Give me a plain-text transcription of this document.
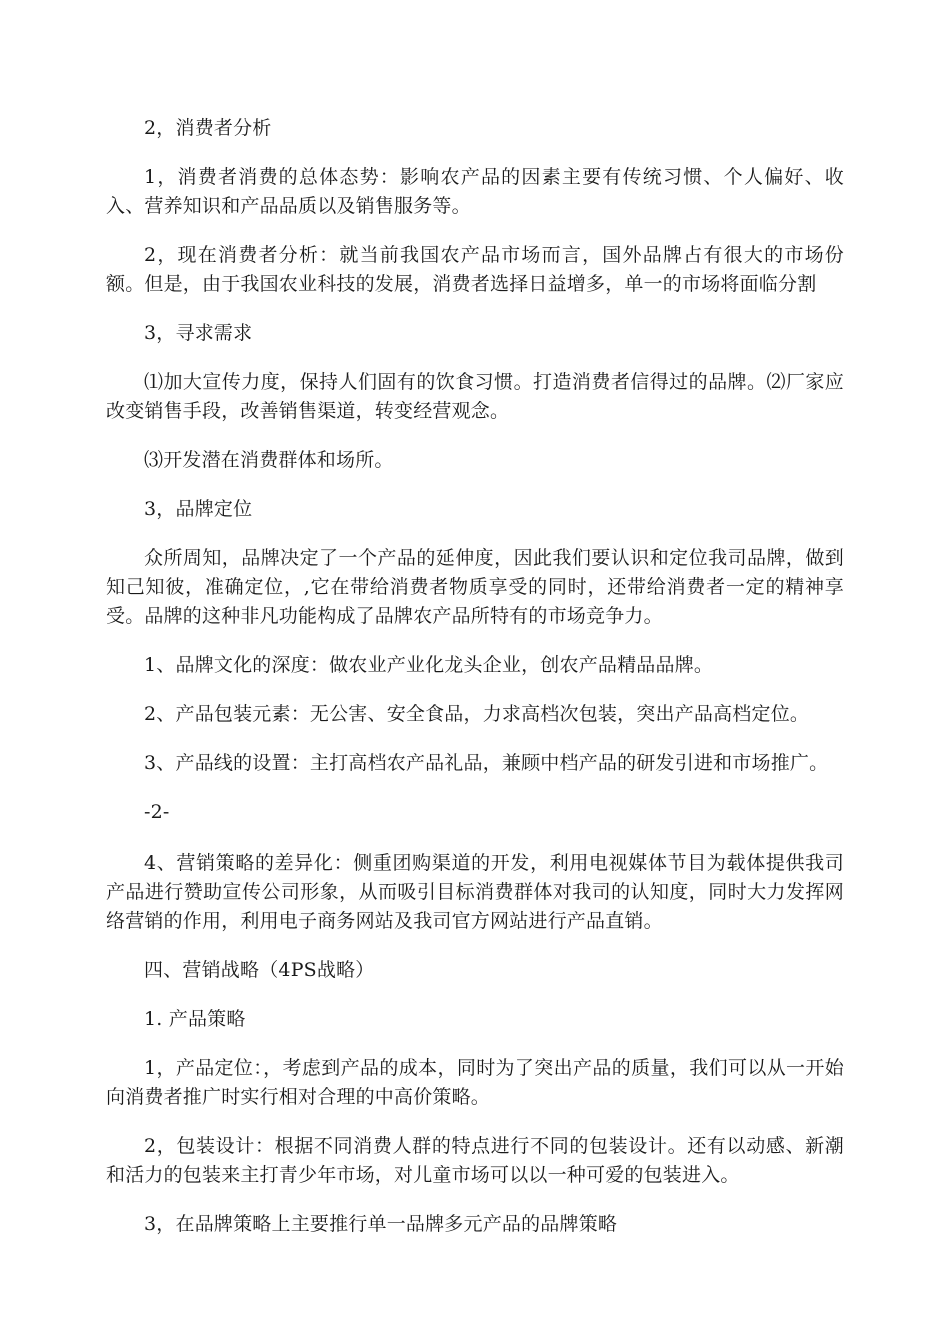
2，消费者分析

1，消费者消费的总体态势：影响农产品的因素主要有传统习惯、个人偏好、收入、营养知识和产品品质以及销售服务等。

2，现在消费者分析：就当前我国农产品市场而言，国外品牌占有很大的市场份额。但是，由于我国农业科技的发展，消费者选择日益增多，单一的市场将面临分割

3，寻求需求

⑴加大宣传力度，保持人们固有的饮食习惯。打造消费者信得过的品牌。⑵厂家应改变销售手段，改善销售渠道，转变经营观念。

⑶开发潜在消费群体和场所。

3，品牌定位

众所周知，品牌决定了一个产品的延伸度，因此我们要认识和定位我司品牌，做到知己知彼，准确定位，,它在带给消费者物质享受的同时，还带给消费者一定的精神享受。品牌的这种非凡功能构成了品牌农产品所特有的市场竞争力。

1、品牌文化的深度：做农业产业化龙头企业，创农产品精品品牌。

2、产品包装元素：无公害、安全食品，力求高档次包装，突出产品高档定位。

3、产品线的设置：主打高档农产品礼品，兼顾中档产品的研发引进和市场推广。

-2-

4、营销策略的差异化：侧重团购渠道的开发，利用电视媒体节目为载体提供我司产品进行赞助宣传公司形象，从而吸引目标消费群体对我司的认知度，同时大力发挥网络营销的作用，利用电子商务网站及我司官方网站进行产品直销。

四、营销战略（4PS战略）

1. 产品策略

1，产品定位：，考虑到产品的成本，同时为了突出产品的质量，我们可以从一开始向消费者推广时实行相对合理的中高价策略。

2，包装设计：根据不同消费人群的特点进行不同的包装设计。还有以动感、新潮和活力的包装来主打青少年市场，对儿童市场可以以一种可爱的包装进入。

3，在品牌策略上主要推行单一品牌多元产品的品牌策略
